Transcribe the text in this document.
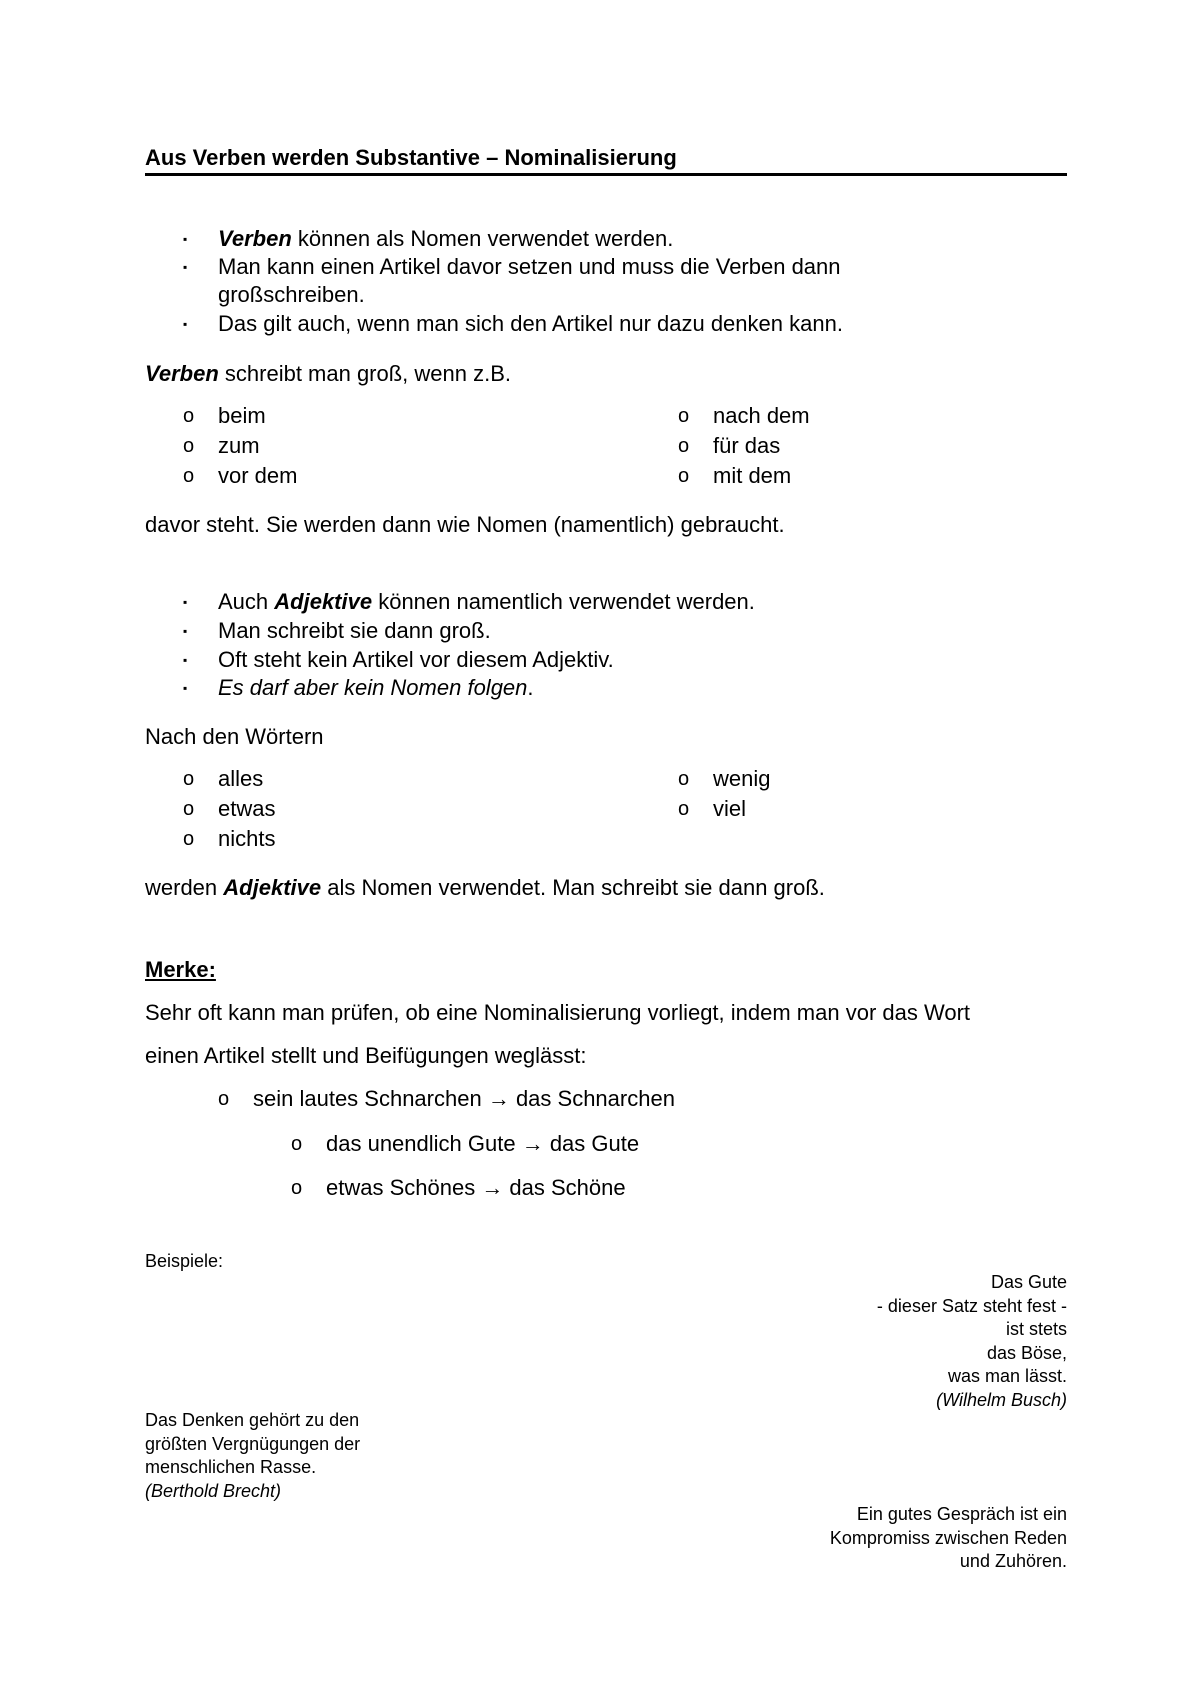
Aus Verben werden Substantive – Nominalisierung
▪ Verben können als Nomen verwendet werden.
▪ Man kann einen Artikel davor setzen und muss die Verben dann
großschreiben.
▪ Das gilt auch, wenn man sich den Artikel nur dazu denken kann.
Verben schreibt man groß, wenn z.B.
o beim
o zum
o vor dem
o nach dem
o für das
o mit dem
davor steht. Sie werden dann wie Nomen (namentlich) gebraucht.
▪ Auch Adjektive können namentlich verwendet werden.
▪ Man schreibt sie dann groß.
▪ Oft steht kein Artikel vor diesem Adjektiv.
▪ Es darf aber kein Nomen folgen.
Nach den Wörtern
o alles
o etwas
o nichts
o wenig
o viel
werden Adjektive als Nomen verwendet. Man schreibt sie dann groß.
Merke:
Sehr oft kann man prüfen, ob eine Nominalisierung vorliegt, indem man vor das Wort
einen Artikel stellt und Beifügungen weglässt:
o sein lautes Schnarchen → das Schnarchen
o das unendlich Gute → das Gute
o etwas Schönes → das Schöne
Beispiele:
Das Gute
- dieser Satz steht fest -
ist stets
das Böse,
was man lässt.
(Wilhelm Busch)
Das Denken gehört zu den
größten Vergnügungen der
menschlichen Rasse.
(Berthold Brecht)
Ein gutes Gespräch ist ein
Kompromiss zwischen Reden
und Zuhören.
